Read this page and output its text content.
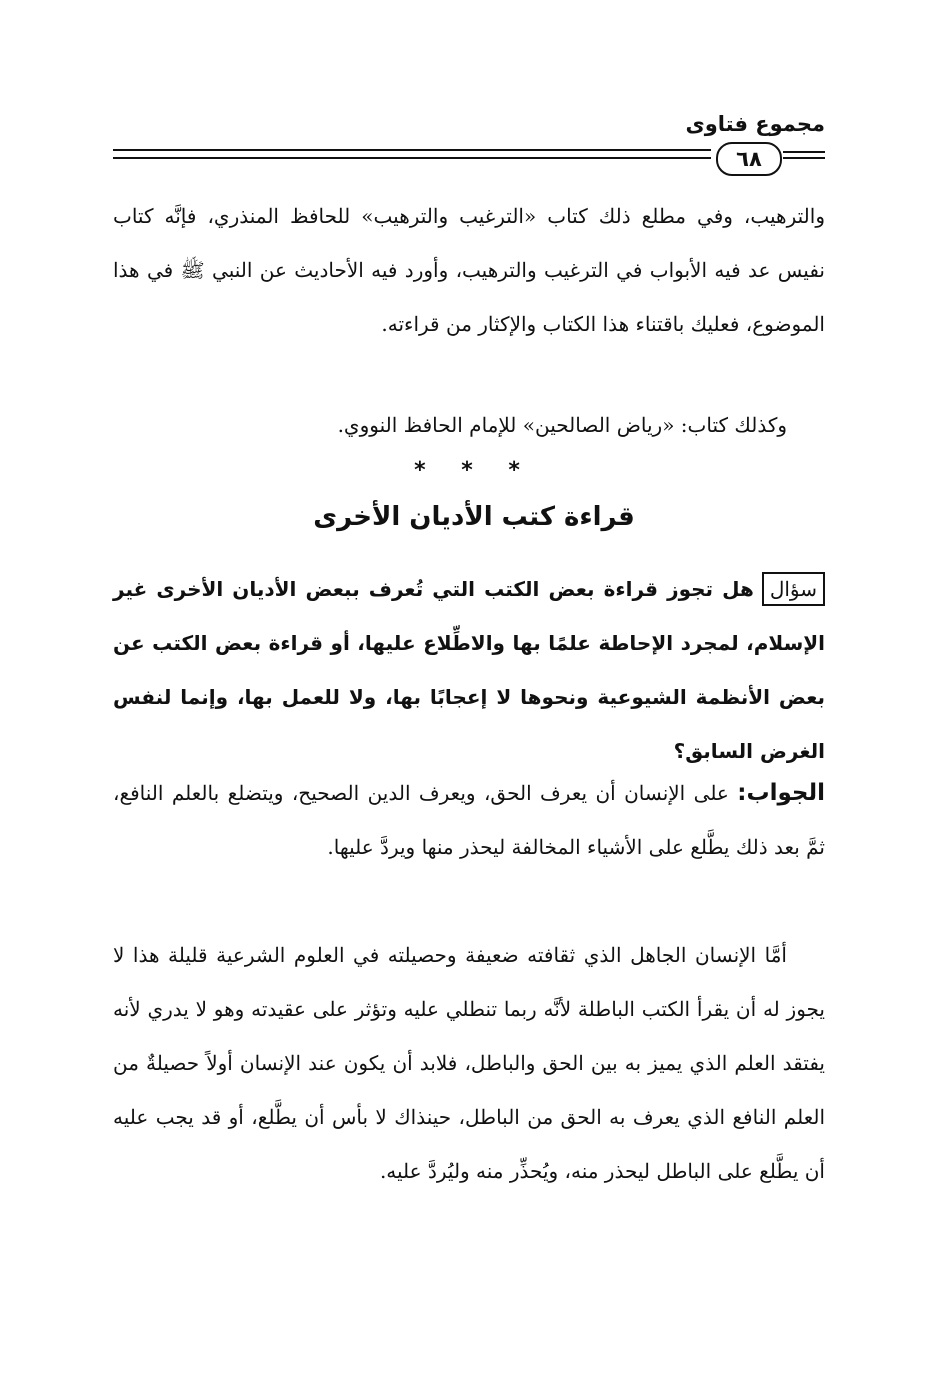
مجموع فتاوى
٦٨
والترهيب، وفي مطلع ذلك كتاب «الترغيب والترهيب» للحافظ المنذري، فإنَّه كتاب نفيس عد فيه الأبواب في الترغيب والترهيب، وأورد فيه الأحاديث عن النبي ﷺ في هذا الموضوع، فعليك باقتناء هذا الكتاب والإكثار من قراءته.
وكذلك كتاب: «رياض الصالحين» للإمام الحافظ النووي.
* * *
قراءة كتب الأديان الأخرى
سؤالهل تجوز قراءة بعض الكتب التي تُعرف ببعض الأديان الأخرى غير الإسلام، لمجرد الإحاطة علمًا بها والاطِّلاع عليها، أو قراءة بعض الكتب عن بعض الأنظمة الشيوعية ونحوها لا إعجابًا بها، ولا للعمل بها، وإنما لنفس الغرض السابق؟
الجواب: على الإنسان أن يعرف الحق، ويعرف الدين الصحيح، ويتضلع بالعلم النافع، ثمَّ بعد ذلك يطَّلع على الأشياء المخالفة ليحذر منها ويردَّ عليها.
أمَّا الإنسان الجاهل الذي ثقافته ضعيفة وحصيلته في العلوم الشرعية قليلة هذا لا يجوز له أن يقرأ الكتب الباطلة لأنَّه ربما تنطلي عليه وتؤثر على عقيدته وهو لا يدري لأنه يفتقد العلم الذي يميز به بين الحق والباطل، فلابد أن يكون عند الإنسان أولاً حصيلةٌ من العلم النافع الذي يعرف به الحق من الباطل، حينذاك لا بأس أن يطَّلع، أو قد يجب عليه أن يطَّلع على الباطل ليحذر منه، ويُحذِّر منه وليُردَّ عليه.
